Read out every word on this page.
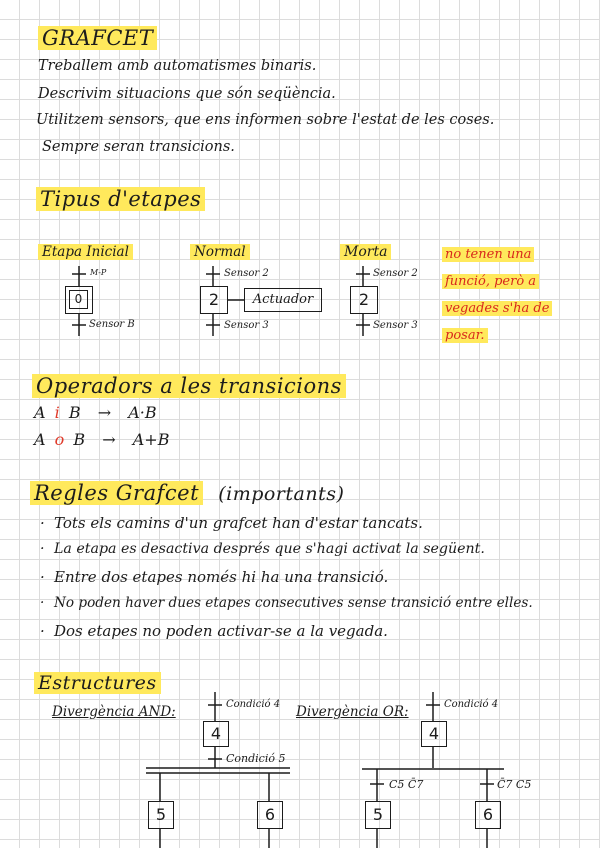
GRAFCET
Treballem amb automatismes binaris.
Descrivim situacions que són seqüència.
Utilitzem sensors, que ens informen sobre l'estat de les coses.
Sempre seran transicions.
Tipus d'etapes
Etapa Inicial	Normal	Morta
0
M-P
Sensor B
2	Actuador
Sensor 2
Sensor 3
2
Sensor 2
Sensor 3
no tenen una
funció, però a
vegades s'ha de
posar.
Operadors a les transicions
A i B → A·B
A o B → A+B
Regles Grafcet (importants)
· Tots els camins d'un grafcet han d'estar tancats.
· La etapa es desactiva després que s'hagi activat la següent.
· Entre dos etapes només hi ha una transició.
· No poden haver dues etapes consecutives sense transició entre elles.
· Dos etapes no poden activar-se a la vegada.
Estructures
Divergència AND:	Divergència OR:
4
5	6
Condició 4
Condició 5
4
5	6
Condició 4
C5 C̄7	C̄7 C5
